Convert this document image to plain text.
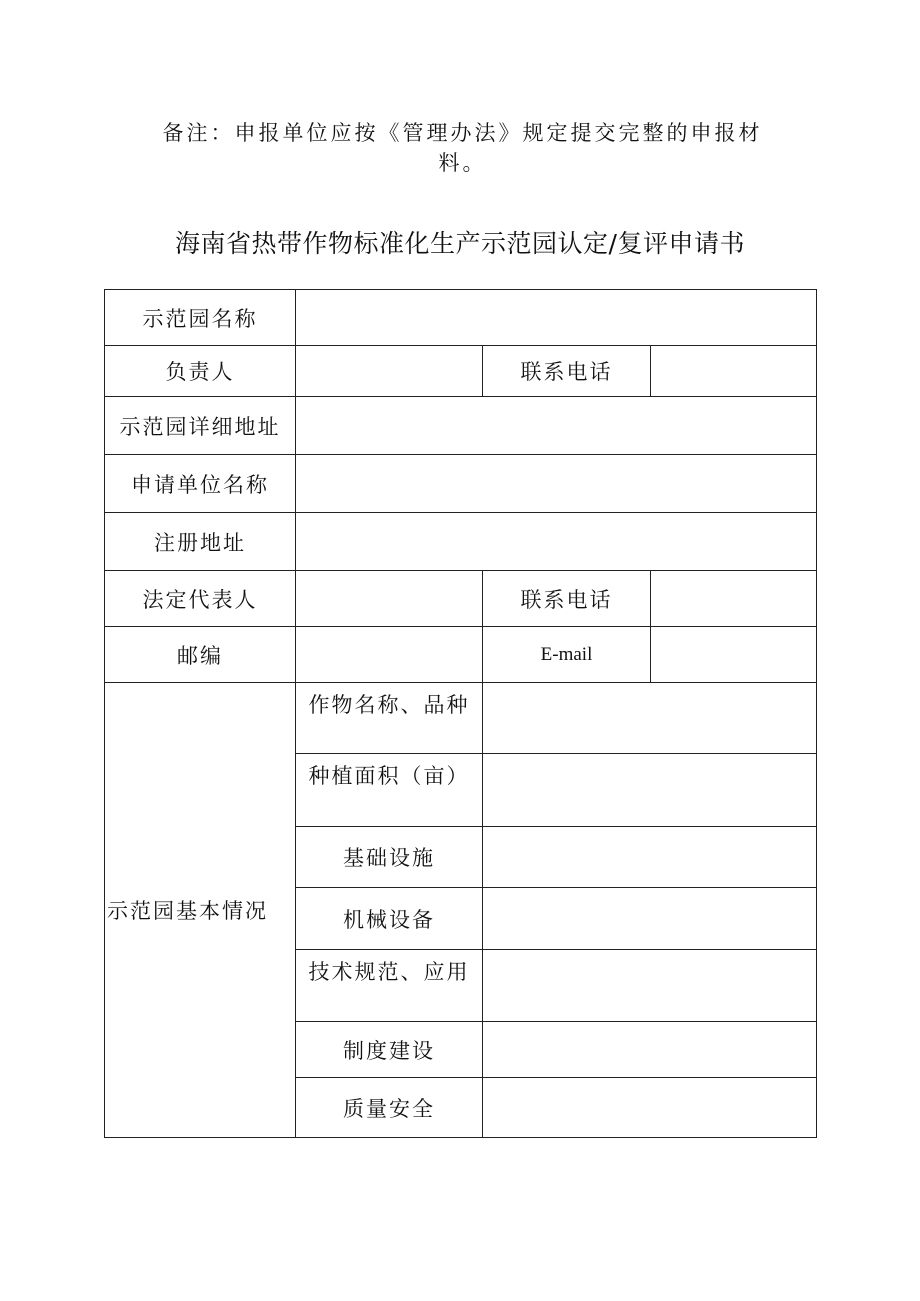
备注：申报单位应按《管理办法》规定提交完整的申报材料。
海南省热带作物标准化生产示范园认定/复评申请书
示范园名称			
负责人		联系电话	
示范园详细地址			
申请单位名称			
注册地址			
法定代表人		联系电话	
邮编		E-mail	
示范园基本情况	作物名称、品种		
	种植面积（亩）		
	基础设施		
	机械设备		
	技术规范、应用		
	制度建设		
	质量安全		
